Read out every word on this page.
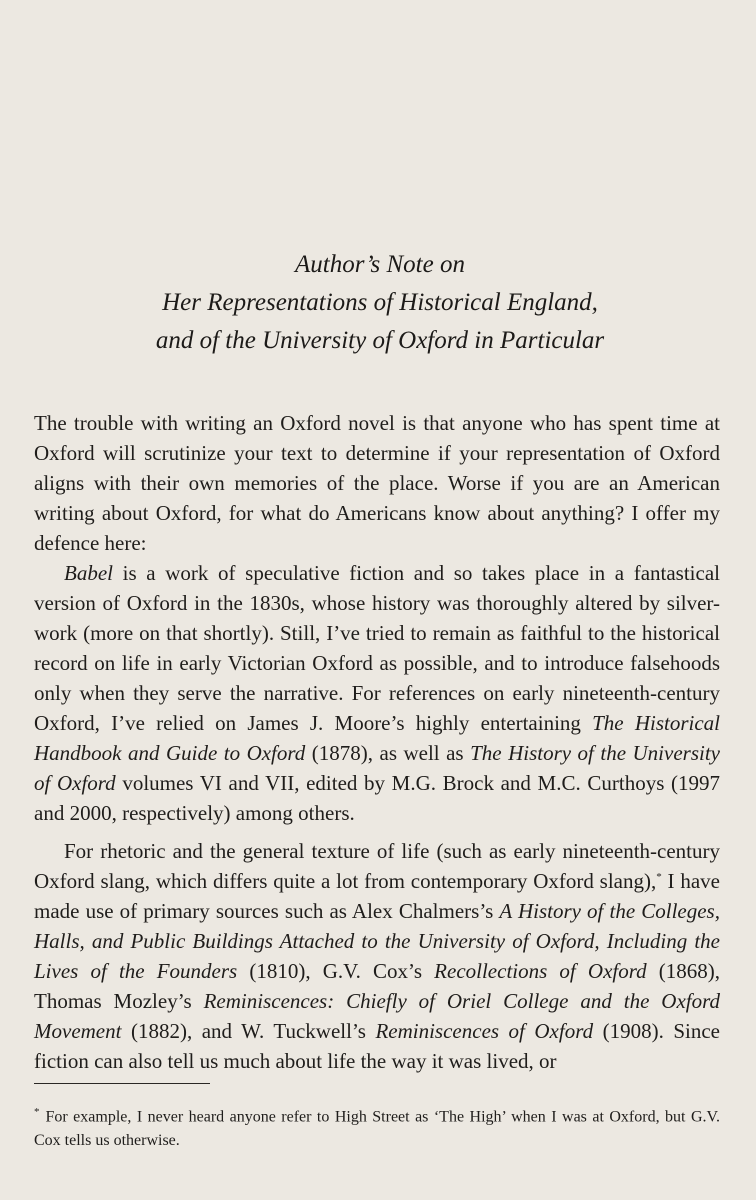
Author’s Note on
Her Representations of Historical England,
and of the University of Oxford in Particular

The trouble with writing an Oxford novel is that anyone who has spent time at Oxford will scrutinize your text to determine if your representation of Oxford aligns with their own memories of the place. Worse if you are an American writing about Oxford, for what do Americans know about anything? I offer my defence here:

Babel is a work of speculative fiction and so takes place in a fantastical version of Oxford in the 1830s, whose history was thoroughly altered by silver-work (more on that shortly). Still, I’ve tried to remain as faithful to the historical record on life in early Victorian Oxford as possible, and to introduce falsehoods only when they serve the narrative. For references on early nineteenth-century Oxford, I’ve relied on James J. Moore’s highly entertaining The Historical Handbook and Guide to Oxford (1878), as well as The History of the University of Oxford volumes VI and VII, edited by M.G. Brock and M.C. Curthoys (1997 and 2000, respectively) among others.

For rhetoric and the general texture of life (such as early nineteenth-century Oxford slang, which differs quite a lot from contemporary Oxford slang),* I have made use of primary sources such as Alex Chalmers’s A History of the Colleges, Halls, and Public Buildings Attached to the University of Oxford, Including the Lives of the Founders (1810), G.V. Cox’s Recollections of Oxford (1868), Thomas Mozley’s Reminiscences: Chiefly of Oriel College and the Oxford Movement (1882), and W. Tuckwell’s Reminiscences of Oxford (1908). Since fiction can also tell us much about life the way it was lived, or

* For example, I never heard anyone refer to High Street as ‘The High’ when I was at Oxford, but G.V. Cox tells us otherwise.
